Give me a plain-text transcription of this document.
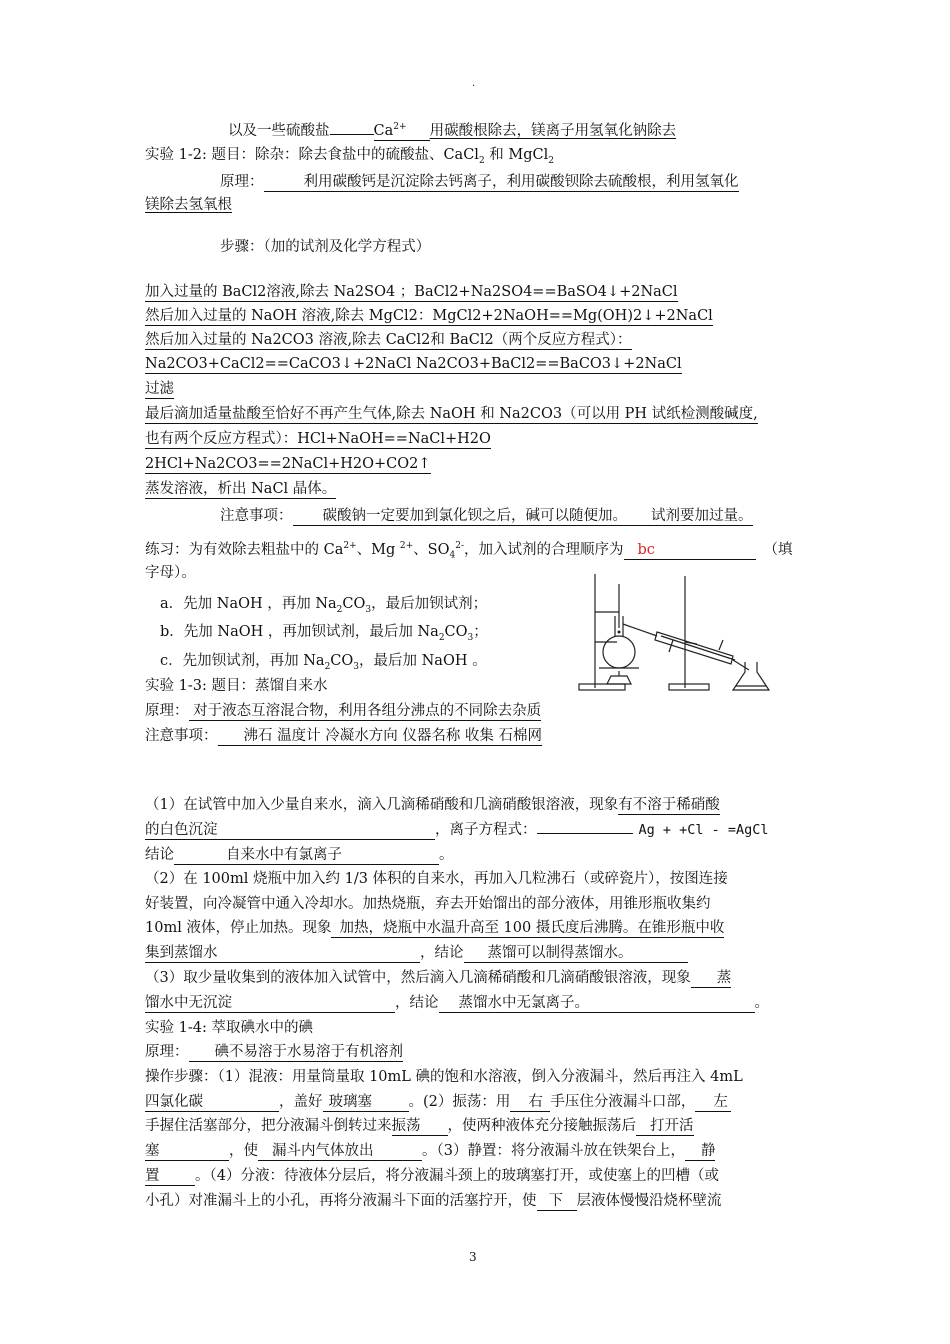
.
以及一些硫酸盐	$Ca^{2+}$ 用碳酸根除去，镁离子用氢氧化钠除去
实验 1-2: 题目：除杂：除去食盐中的硫酸盐、CaCl$_2$ 和 MgCl$_2$
原理：	利用碳酸钙是沉淀除去钙离子，利用碳酸钡除去硫酸根，利用氢氧化
镁除去氢氧根
步骤：（加的试剂及化学方程式）
加入过量的 BaCl2溶液,除去 Na2SO4 ；BaCl2+Na2SO4==BaSO4↓+2NaCl
然后加入过量的 NaOH 溶液,除去 MgCl2：MgCl2+2NaOH==Mg(OH)2↓+2NaCl
然后加入过量的 Na2CO3 溶液,除去 CaCl2和 BaCl2（两个反应方程式）：
Na2CO3+CaCl2==CaCO3↓+2NaCl Na2CO3+BaCl2==BaCO3↓+2NaCl
过滤
最后滴加适量盐酸至恰好不再产生气体,除去 NaOH 和 Na2CO3（可以用 PH 试纸检测酸碱度,
也有两个反应方程式）：HCl+NaOH==NaCl+H2O
2HCl+Na2CO3==2NaCl+H2O+CO2↑
蒸发溶液，析出 NaCl 晶体。
注意事项： 碳酸钠一定要加到氯化钡之后，碱可以随便加。 试剂要加过量。
练习：为有效除去粗盐中的 $Ca^{2+}$、Mg $^{2+}$、$SO_4^{2-}$，加入试剂的合理顺序为 bc	（填
字母）。
a．先加 NaOH ，再加 $Na_2CO_3$，最后加钡试剂；
b．先加 NaOH ，再加钡试剂，最后加 $Na_2CO_3$；
c．先加钡试剂，再加 $Na_2CO_3$，最后加 NaOH 。
实验 1-3: 题目：蒸馏自来水
原理： 对于液态互溶混合物，利用各组分沸点的不同除去杂质
注意事项： 沸石 温度计 冷凝水方向 仪器名称 收集 石棉网
（1）在试管中加入少量自来水，滴入几滴稀硝酸和几滴硝酸银溶液，现象有不溶于稀硝酸
的白色沉淀	，离子方程式：	Ag + +Cl - =AgCl
结论	自来水中有氯离子	。
（2）在 100ml 烧瓶中加入约 1/3 体积的自来水，再加入几粒沸石（或碎瓷片），按图连接
好装置，向冷凝管中通入冷却水。加热烧瓶，弃去开始馏出的部分液体，用锥形瓶收集约
10ml 液体，停止加热。现象 加热，烧瓶中水温升高至 100 摄氏度后沸腾。在锥形瓶中收
集到蒸馏水	，结论 蒸馏可以制得蒸馏水。
（3）取少量收集到的液体加入试管中，然后滴入几滴稀硝酸和几滴硝酸银溶液，现象 蒸
馏水中无沉淀	，结论 蒸馏水中无氯离子。	。
实验 1-4: 萃取碘水中的碘
原理： 碘不易溶于水易溶于有机溶剂
操作步骤：（1）混液：用量筒量取 10mL 碘的饱和水溶液，倒入分液漏斗，然后再注入 4mL
四氯化碳	，盖好 玻璃塞	。(2）振荡：用 右 手压住分液漏斗口部， 左
手握住活塞部分，把分液漏斗倒转过来振荡 ，使两种液体充分接触振荡后 打开活
塞	，使 漏斗内气体放出	。（3）静置：将分液漏斗放在铁架台上， 静
置 。（4）分液：待液体分层后，将分液漏斗颈上的玻璃塞打开，或使塞上的凹槽（或
小孔）对准漏斗上的小孔，再将分液漏斗下面的活塞拧开，使 下 层液体慢慢沿烧杯壁流
3
